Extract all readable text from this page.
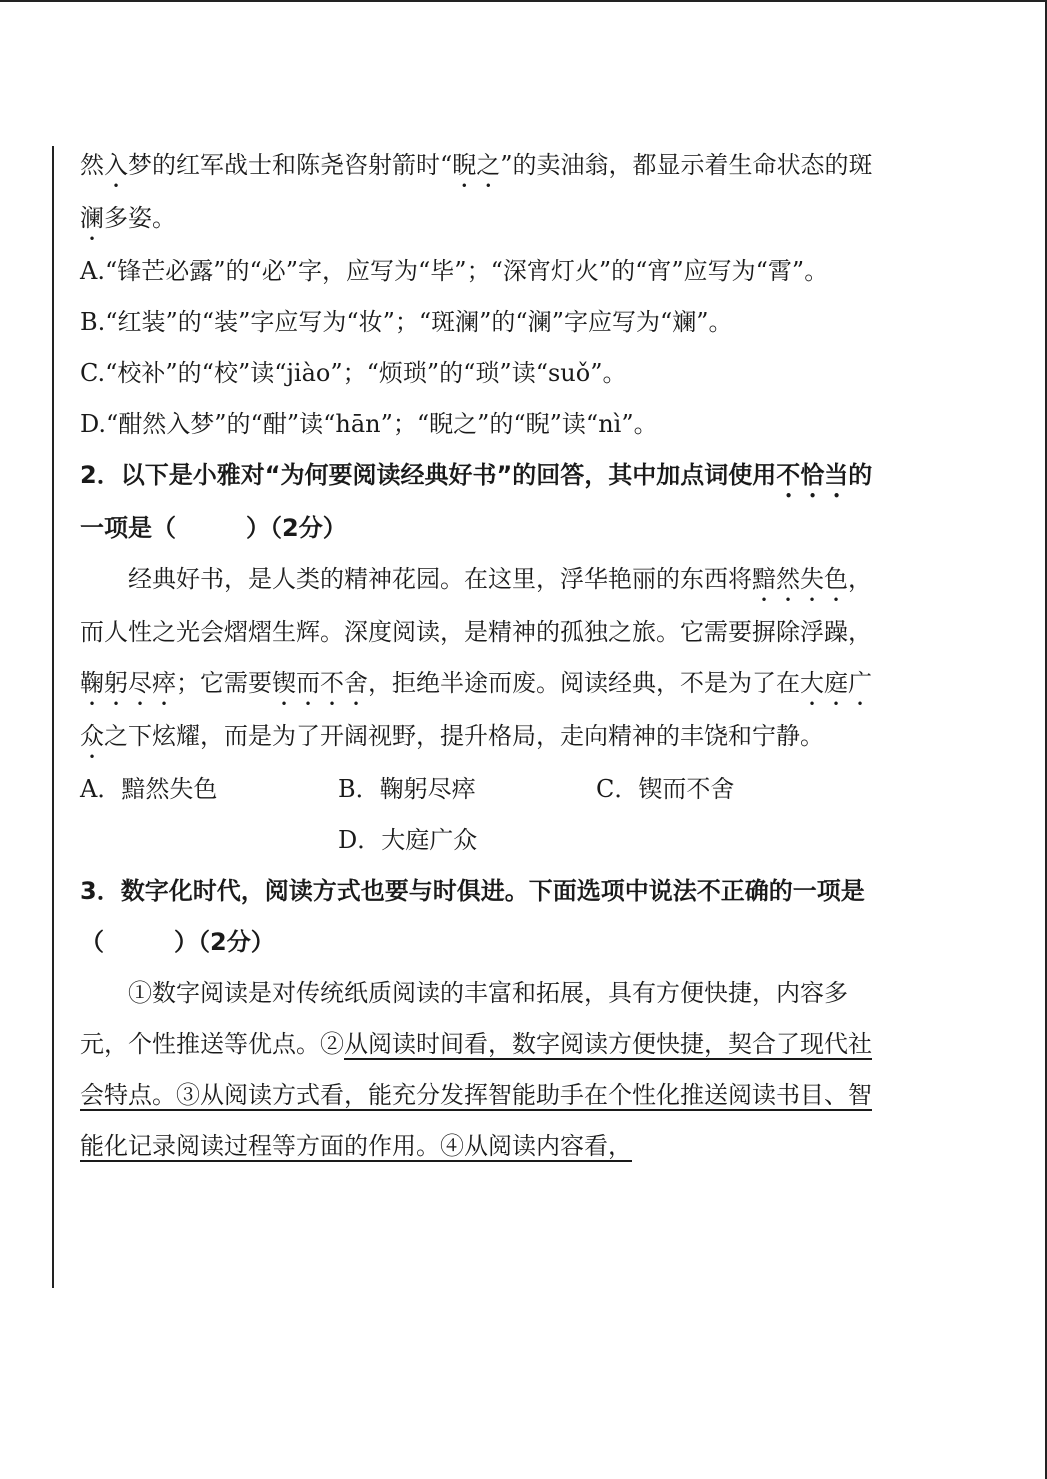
然入梦的红军战士和陈尧咨射箭时“睨之”的卖油翁，都显示着生命状态的斑澜多姿。

A.“锋芒必露”的“必”字，应写为“毕”；“深宵灯火”的“宵”应写为“霄”。

B.“红装”的“装”字应写为“妆”；“斑澜”的“澜”字应写为“斓”。

C.“校补”的“校”读“jiào”；“烦琐”的“琐”读“suǒ”。

D.“酣然入梦”的“酣”读“hān”；“睨之”的“睨”读“nì”。

2．以下是小雅对“为何要阅读经典好书”的回答，其中加点词使用不恰当的一项是（	）（2分）

经典好书，是人类的精神花园。在这里，浮华艳丽的东西将黯然失色，而人性之光会熠熠生辉。深度阅读，是精神的孤独之旅。它需要摒除浮躁，鞠躬尽瘁；它需要锲而不舍，拒绝半途而废。阅读经典，不是为了在大庭广众之下炫耀，而是为了开阔视野，提升格局，走向精神的丰饶和宁静。

A．黯然失色	B．鞠躬尽瘁	C．锲而不舍
D．大庭广众

3．数字化时代，阅读方式也要与时俱进。下面选项中说法不正确的一项是（	）（2分）

①数字阅读是对传统纸质阅读的丰富和拓展，具有方便快捷，内容多元，个性推送等优点。②从阅读时间看，数字阅读方便快捷，契合了现代社会特点。③从阅读方式看，能充分发挥智能助手在个性化推送阅读书目、智能化记录阅读过程等方面的作用。④从阅读内容看，
